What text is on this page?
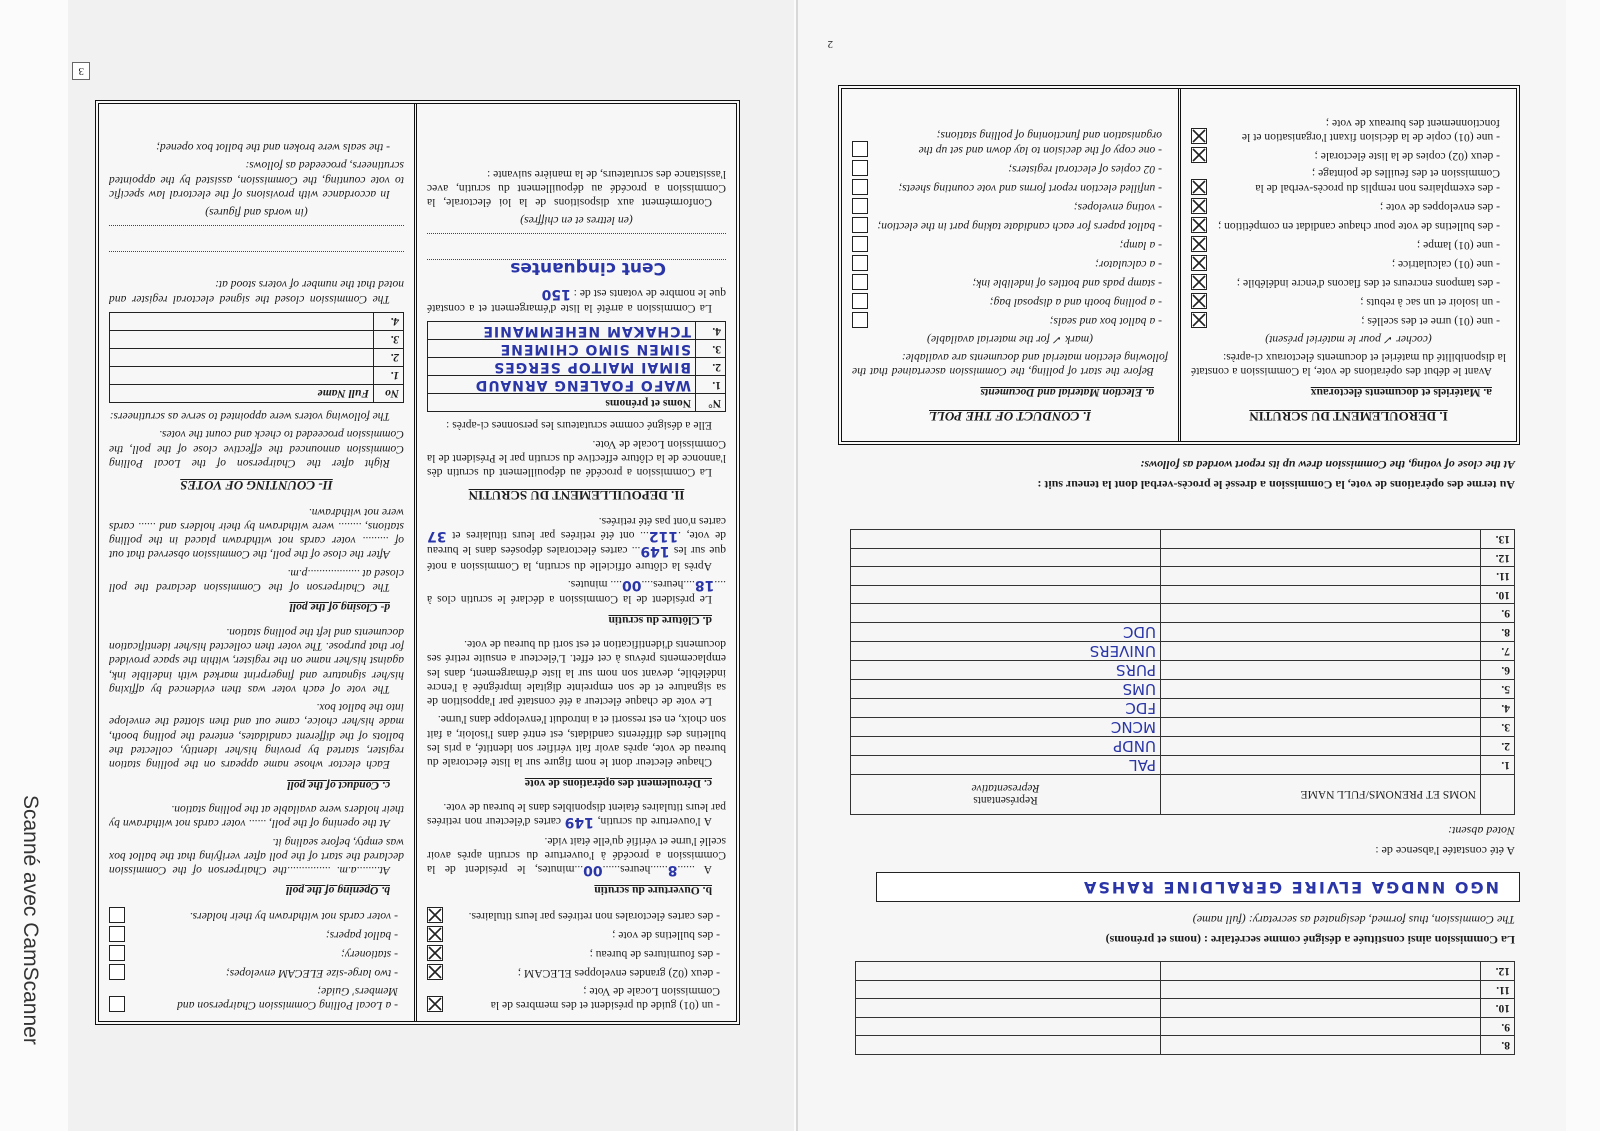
Scanné avec CamScanner	- un (01) guide du président et des membres de la Commission Locale de Vote ;
- deux (02) grandes enveloppes ELECAM ;
- des fournitures de bureau ;
- des bulletins de vote ;
- des cartes électorales non retirées par leurs titulaires.
b. Ouverture du scrutin

A ......8......heures......00...minutes, le président de la Commission a procédé à l'ouverture du scrutin après avoir scellé l'urne et vérifié qu'elle était vide.

A l'ouverture du scrutin, 149 cartes d'électeur non retirées par leurs titulaires étaient disponibles dans le bureau de vote.

c. Déroulement des opérations de vote

Chaque électeur dont le nom figure sur la liste électorale du bureau de vote, après avoir fait vérifier son identité, a pris les bulletins des différents candidats, est entré dans l'isoloir, a fait son choix, en est ressorti et a introduit l'enveloppe dans l'urne.

Le vote de chaque électeur a été constaté par l'apposition de sa signature et de son empreinte digitale imprégnée à l'encre indélébile, devant son nom sur la liste d'émargement, dans les emplacements prévus à cet effet. L'électeur a ensuite retiré ses documents d'identification et est sorti du bureau de vote.

d. Clôture du scrutin

Le président de la Commission a déclaré le scrutin clos à ....18....heures....00.... minutes.

Après la clôture officielle du scrutin, la Commission a noté que sur les 149... cartes électorales déposées dans le bureau de vote, .112... ont été retirées par leurs titulaires et 37 cartes n'ont pas été retirées.

II. DEPOUILLEMENT DU SCRUTIN

La Commission a procédé au dépouillement du scrutin dès l'annonce de la clôture effective du scrutin par le Président de la Commission Locale de Vote.

Elle a désigné comme scrutateurs les personnes ci-après :

N°	Noms et prénoms
1.	WAFO FOALENG ARNAUD
2.	BIMAI MAITOP SERGES
3.	SIMEN SIMO CHIMENE
4.	TCHAKAM NEHEMMANIE

La Commission a arrêté la liste d'émargement et a constaté que le nombre de votants est de : 150

Cent cinquantes
(en lettres et en chiffres)

Conformément aux dispositions de la loi électorale, la Commission a procédé au dépouillement du scrutin, avec l'assistance des scrutateurs, de la manière suivante :

- a Local Polling Commission Chairperson and Members' Guide;
- two large-size ELECAM envelopes;
- stationery;
- ballot papers;
- voter cards not withdrawn by their holders.
b. Opening of the poll

At........a.m. ...............the Chairperson of the Commission declared the start of the poll after verifying that the ballot box was empty, before sealing it.

At the opening of the poll, ...... voter cards not withdrawn by their holders were available at the polling station.

c. Conduct of the poll

Each elector whose name appears on the polling station register, started by proving his/her identity, collected the ballots of the different candidates, entered the polling booth, made his/her choice, came out and then slotted the envelope into the ballot box.

The vote of each voter was then evidenced by affixing his/her signature and fingerprint marked with indelible ink, against his/her name on the register, within the space provided for that purpose. The voter then collected his/her identification documents and left the polling station.

d- Closing of the poll

The Chairperson of the Commission declared the poll closed at ..................p.m.

After the close of the poll, the Commission observed that out of ......... voter cards not withdrawn placed in the polling stations, ........ were withdrawn by their holders and ...... cards were not withdrawn.

II- COUNTING OF VOTES

Right after the Chairperson of the Local Polling Commission announced the effective close of the poll, the Commission proceeded to check and count the votes.

The following voters were appointed to serve as scrutineers:

No	Full Name
1.	
2.	
3.	
4.	

The Commission closed the signed electoral register and noted that the number of voters stood at:

(in words and figures)

In accordance with provisions of the electoral law specific to vote counting, the Commission, assisted by the appointed scrutineers, proceeded as follows:

- the seals were broken and the ballot box opened;

3
8.		
9.		
10.		
11.		
12.		
La Commission ainsi constituée a désigné comme secrétaire : (noms et prénoms)
The Commission, thus formed, designated as secretary: (full name)
NGO NNDGA ELVIRE GERALDINE RAHSA
A été constatée l'absence de :
Noted absent:
	NOMS ET PRENOMS/FULL NAME	Représentants
Representative

1.		PAL
2.		UNDP
3.		MCNC
4.		FDC
5.		UMS
6.		PURS
7.		UNIVERS
8.		UDC
9.		
10.		
11.		
12.		
13.		
Au terme des opérations de vote, la Commission a dressé le procès-verbal dont la teneur suit :
At the close of voting, the Commission drew up its report worded as follows:
I. DEROULEMENT DU SCRUTIN
a. Matériels et documents électoraux

Avant le début des opérations de vote, la Commission a constaté la disponibilité du matériel et documents électoraux ci-après:

(cocher ✓ pour le matériel présent)
- une (01) urne et des scellés ;
- un isoloir et un sac à rebuts ;
- des tampons encreurs et des flacons d'encre indélébile ;
- une (01) calculatrice ;
- une (01) lampe ;
- des bulletins de vote pour chaque candidat en compétition ;
- des enveloppes de vote ;
- des exemplaires non remplis du procès-verbal de la Commission et des feuilles de pointage ;
- deux (02) copies de la liste électorale ;
- une (01) copie de la décision fixant l'organisation et le fonctionnement des bureaux de vote ;
I. CONDUCT OF THE POLL
a. Election Material and Documents

Before the start of polling, the Commission ascertained that the following election material and documents are available:

(mark ✓ for the material available)
- a ballot box and seals;
- a polling booth and a disposal bag;
- stamp pads and bottles of indelible ink;
- a calculator;
- a lamp;
- ballot papers for each candidate taking part in the election;
- voting envelopes;
- unfilled election report forms and vote counting sheets;
- 02 copies of electoral registers;
- one copy of the decision to lay down and set up the organisation and functioning of polling stations;
2
